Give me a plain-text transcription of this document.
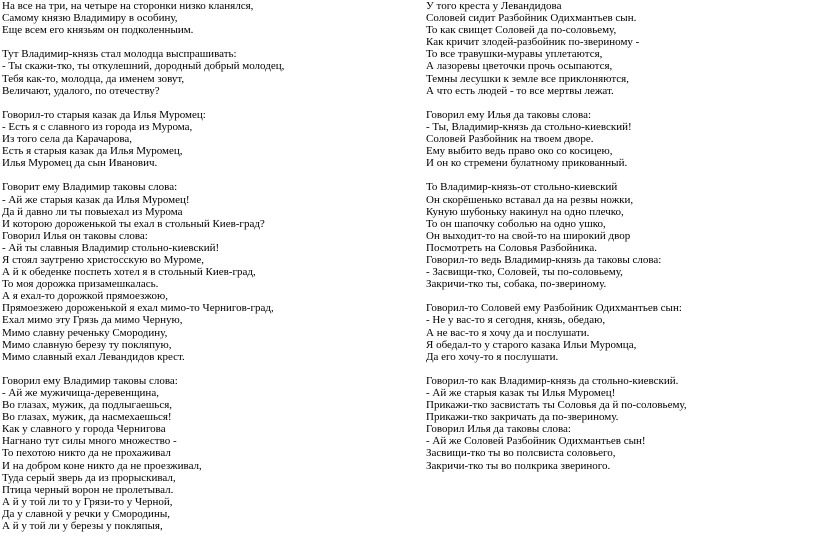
На все на три, на четыре на сторонки низко кланялся,
Самому князю Владимиру в особину,
Еще всем его князьям он подколенныим.
Тут Владимир-князь стал молодца выспрашивать:
- Ты скажи-тко, ты откулешний, дородный добрый молодец,
Тебя как-то, молодца, да именем зовут,
Величают, удалого, по отечеству?
Говорил-то старыя казак да Илья Муромец:
- Есть я с славного из города из Мурома,
Из того села да Карачарова,
Есть я старыя казак да Илья Муромец,
Илья Муромец да сын Иванович.
Говорит ему Владимир таковы слова:
- Ай же старыя казак да Илья Муромец!
Да й давно ли ты повыехал из Мурома
И которою дороженькой ты ехал в стольный Киев-град?
Говорил Илья он таковы слова:
- Ай ты славныя Владимир стольно-киевский!
Я стоял заутреню христосскую во Муроме,
А й к обеденке поспеть хотел я в стольный Киев-град,
То моя дорожка призамешкалась.
А я ехал-то дорожкой прямоезжою,
Прямоезжею дороженькой я ехал мимо-то Чернигов-град,
Ехал мимо эту Грязь да мимо Черную,
Мимо славну реченьку Смородину,
Мимо славную березу ту покляпую,
Мимо славный ехал Левандидов крест.
Говорил ему Владимир таковы слова:
- Ай же мужичища-деревенщина,
Во глазах, мужик, да подлыгаешься,
Во глазах, мужик, да насмехаешься!
Как у славного у города Чернигова
Нагнано тут силы много множество -
То пехотою никто да не прохаживал
И на добром коне никто да не проезживал,
Туда серый зверь да из прорыскивал,
Птица черный ворон не пролетывал.
А й у той ли то у Грязи-то у Черной,
Да у славной у речки у Смородины,
А й у той ли у березы у покляпыя,
У того креста у Левандидова
Соловей сидит Разбойник Одихмантьев сын.
То как свищет Соловей да по-соловьему,
Как кричит злодей-разбойник по-звериному -
То все травушки-муравы уплетаются,
А лазоревы цветочки прочь осыпаются,
Темны лесушки к земле все приклоняются,
А что есть людей - то все мертвы лежат.
Говорил ему Илья да таковы слова:
- Ты, Владимир-князь да стольно-киевский!
Соловей Разбойник на твоем дворе.
Ему выбито ведь право око со косицею,
И он ко стремени булатному прикованный.
То Владимир-князь-от стольно-киевский
Он скорёшенько вставал да на резвы ножки,
Куную шубоньку накинул на одно плечко,
То он шапочку соболью на одно ушко,
Он выходит-то на свой-то на широкий двор
Посмотреть на Соловья Разбойника.
Говорил-то ведь Владимир-князь да таковы слова:
- Засвищи-тко, Соловей, ты по-соловьему,
Закричи-тко ты, собака, по-звериному.
Говорил-то Соловей ему Разбойник Одихмантьев сын:
- Не у вас-то я сегодня, князь, обедаю,
А не вас-то я хочу да и послушати.
Я обедал-то у старого казака Ильи Муромца,
Да его хочу-то я послушати.
Говорил-то как Владимир-князь да стольно-киевский.
- Ай же старыя казак ты Илья Муромец!
Прикажи-тко засвистать ты Соловья да й по-соловьему,
Прикажи-тко закричать да по-звериному.
Говорил Илья да таковы слова:
- Ай же Соловей Разбойник Одихмантьев сын!
Засвищи-тко ты во полсвиста соловьего,
Закричи-тко ты во полкрика звериного.
